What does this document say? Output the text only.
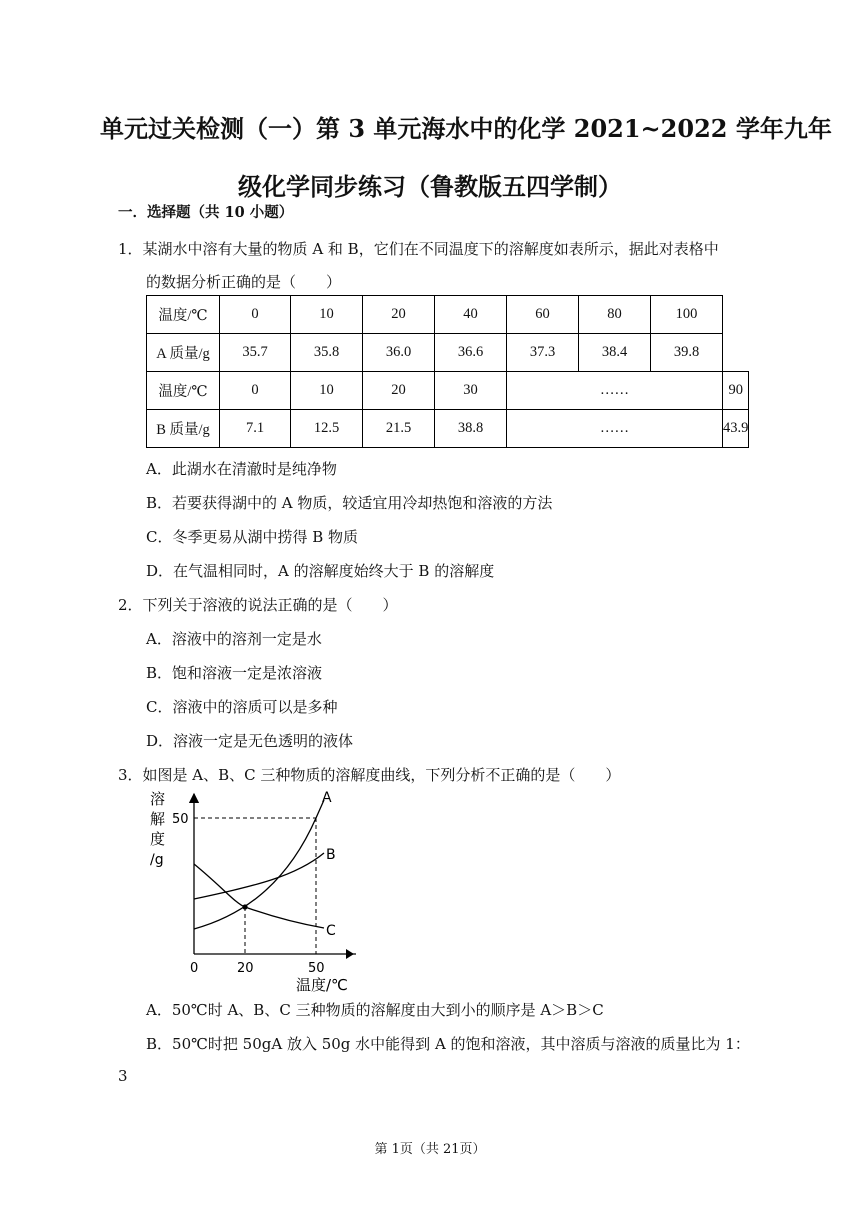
单元过关检测（一）第 3 单元海水中的化学 2021~2022 学年九年
级化学同步练习（鲁教版五四学制）
一．选择题（共 10 小题）
1．某湖水中溶有大量的物质 A 和 B，它们在不同温度下的溶解度如表所示，据此对表格中
的数据分析正确的是（　　）
温度/℃	0	10	20	40	60	80	100	
A 质量/g	35.7	35.8	36.0	36.6	37.3	38.4	39.8	
温度/℃	0	10	20	30	……			90
B 质量/g	7.1	12.5	21.5	38.8	……			43.9
A．此湖水在清澈时是纯净物
B．若要获得湖中的 A 物质，较适宜用冷却热饱和溶液的方法
C．冬季更易从湖中捞得 B 物质
D．在气温相同时，A 的溶解度始终大于 B 的溶解度
2．下列关于溶液的说法正确的是（　　）
A．溶液中的溶剂一定是水
B．饱和溶液一定是浓溶液
C．溶液中的溶质可以是多种
D．溶液一定是无色透明的液体
3．如图是 A、B、C 三种物质的溶解度曲线，下列分析不正确的是（　　）
溶
解
度
/g
50
A
B
C
0	20	50
温度/℃
A．50℃时 A、B、C 三种物质的溶解度由大到小的顺序是 A＞B＞C
B．50℃时把 50gA 放入 50g 水中能得到 A 的饱和溶液，其中溶质与溶液的质量比为 1：
3
第 1页（共 21页）
